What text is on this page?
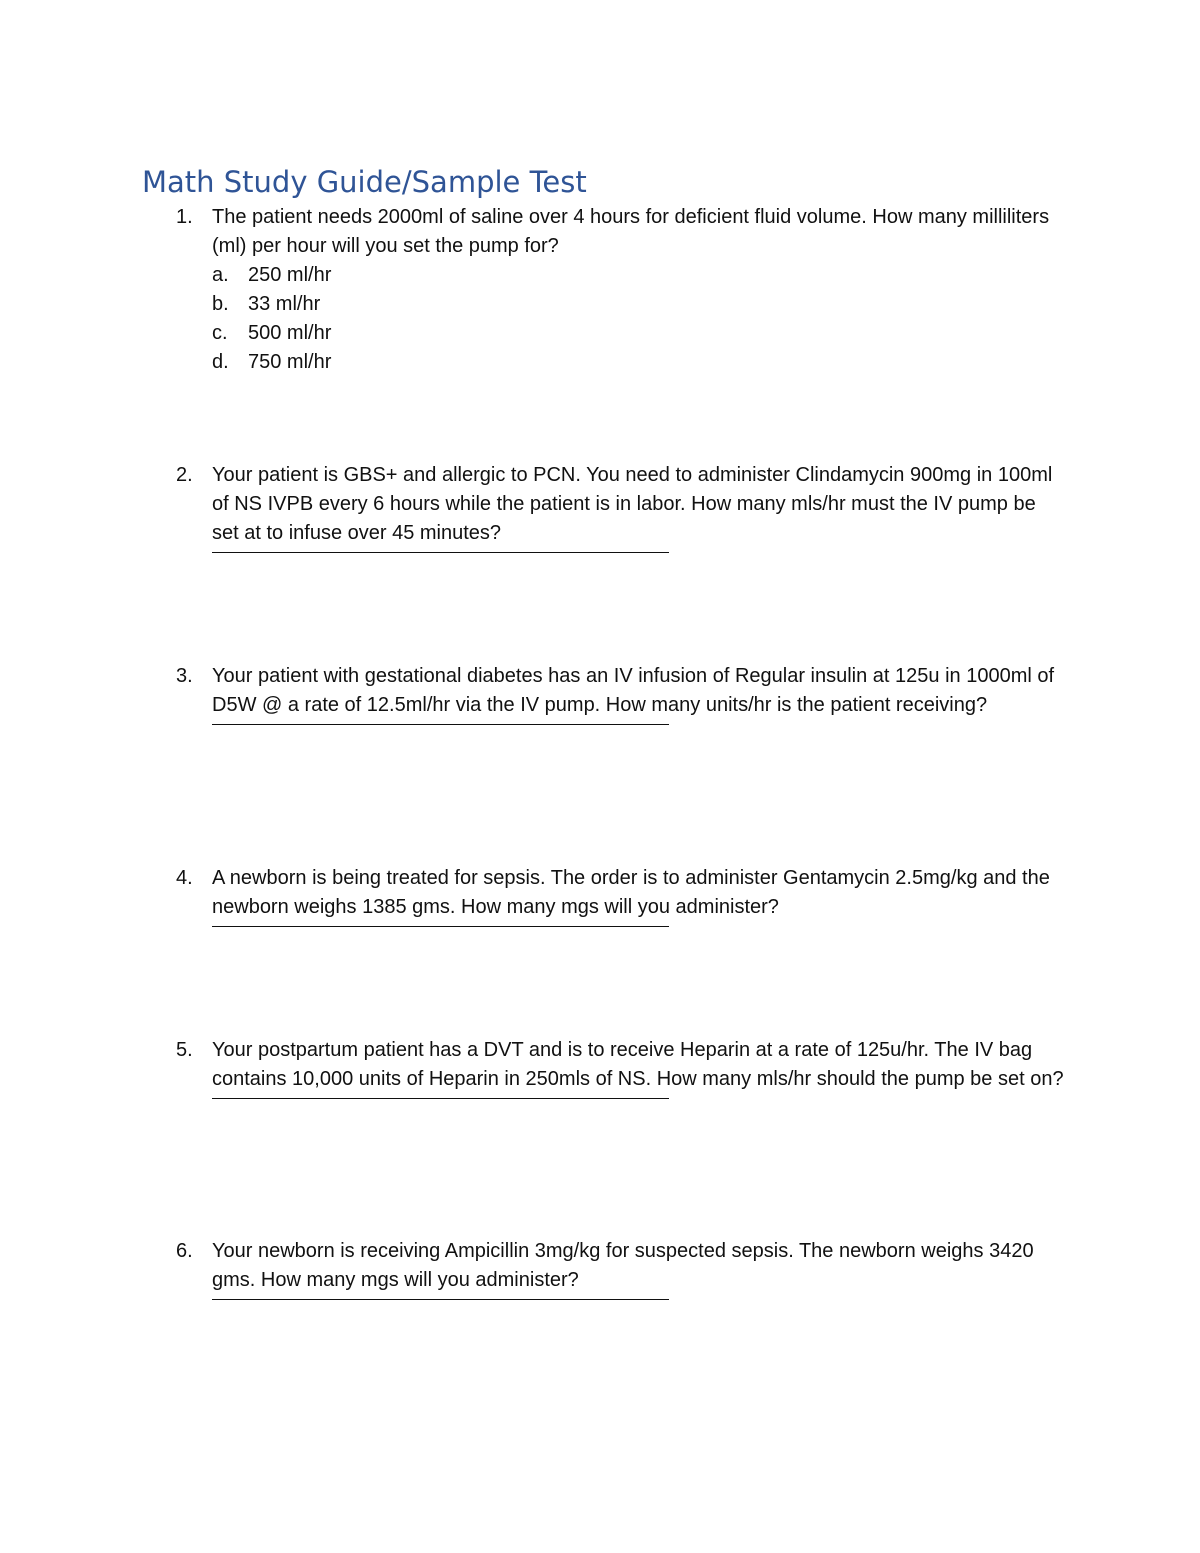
Math Study Guide/Sample Test
1. The patient needs 2000ml of saline over 4 hours for deficient fluid volume. How many milliliters (ml) per hour will you set the pump for?
a. 250 ml/hr
b. 33 ml/hr
c.	500 ml/hr
d. 750 ml/hr
2. Your patient is GBS+ and allergic to PCN. You need to administer Clindamycin 900mg in 100ml of NS IVPB every 6 hours while the patient is in labor. How many mls/hr must the IV pump be set at to infuse over 45 minutes?
3. Your patient with gestational diabetes has an IV infusion of Regular insulin at 125u in 1000ml of D5W @ a rate of 12.5ml/hr via the IV pump. How many units/hr is the patient receiving?
4. A newborn is being treated for sepsis. The order is to administer Gentamycin 2.5mg/kg and the newborn weighs 1385 gms. How many mgs will you administer?
5. Your postpartum patient has a DVT and is to receive Heparin at a rate of 125u/hr. The IV bag contains 10,000 units of Heparin in 250mls of NS. How many mls/hr should the pump be set on?
6. Your newborn is receiving Ampicillin 3mg/kg for suspected sepsis. The newborn weighs 3420 gms. How many mgs will you administer?
